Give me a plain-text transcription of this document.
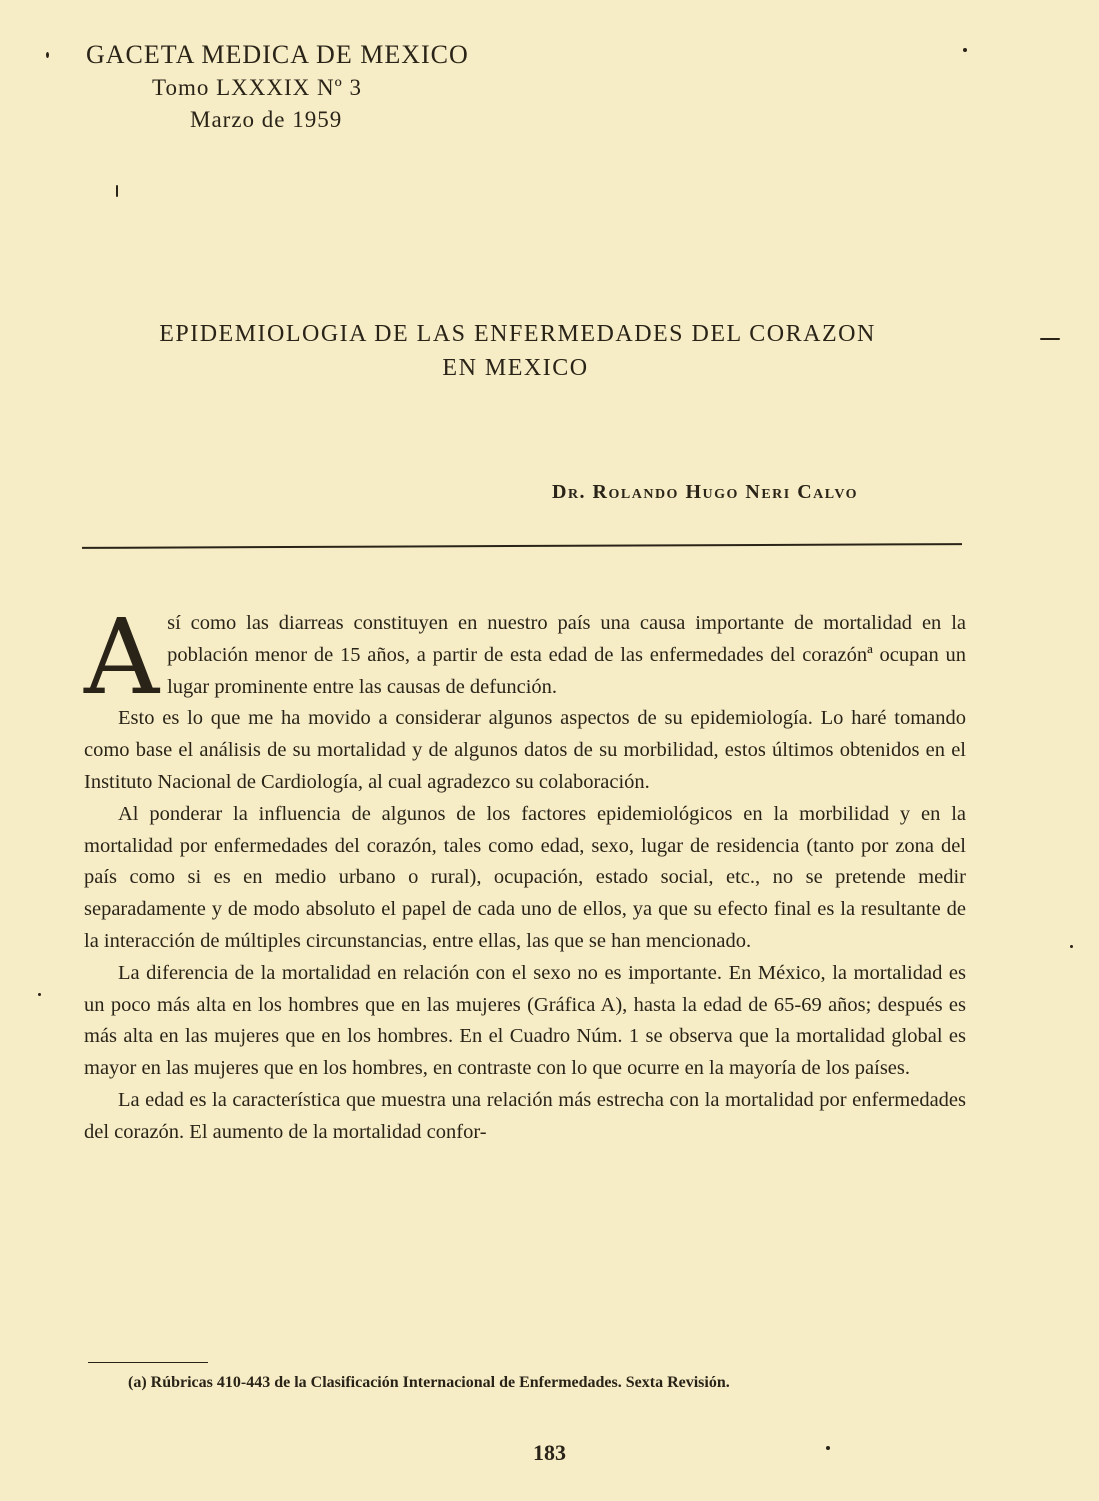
GACETA MEDICA DE MEXICO
Tomo LXXXIX Nº 3
Marzo de 1959
EPIDEMIOLOGIA DE LAS ENFERMEDADES DEL CORAZON
EN MEXICO
Dr. Rolando Hugo Neri Calvo

Así como las diarreas constituyen en nuestro país una causa importante de mortalidad en la población menor de 15 años, a partir de esta edad de las enfermedades del corazónª ocupan un lugar prominente entre las causas de defunción.

Esto es lo que me ha movido a considerar algunos aspectos de su epidemiología. Lo haré tomando como base el análisis de su mortalidad y de algunos datos de su morbilidad, estos últimos obtenidos en el Instituto Nacional de Cardiología, al cual agradezco su colaboración.

Al ponderar la influencia de algunos de los factores epidemiológicos en la morbilidad y en la mortalidad por enfermedades del corazón, tales como edad, sexo, lugar de residencia (tanto por zona del país como si es en medio urbano o rural), ocupación, estado social, etc., no se pretende medir separadamente y de modo absoluto el papel de cada uno de ellos, ya que su efecto final es la resultante de la interacción de múltiples circunstancias, entre ellas, las que se han mencionado.

La diferencia de la mortalidad en relación con el sexo no es importante. En México, la mortalidad es un poco más alta en los hombres que en las mujeres (Gráfica A), hasta la edad de 65-69 años; después es más alta en las mujeres que en los hombres. En el Cuadro Núm. 1 se observa que la mortalidad global es mayor en las mujeres que en los hombres, en contraste con lo que ocurre en la mayoría de los países.

La edad es la característica que muestra una relación más estrecha con la mortalidad por enfermedades del corazón. El aumento de la mortalidad confor-

(a) Rúbricas 410-443 de la Clasificación Internacional de Enfermedades. Sexta Revisión.
183
